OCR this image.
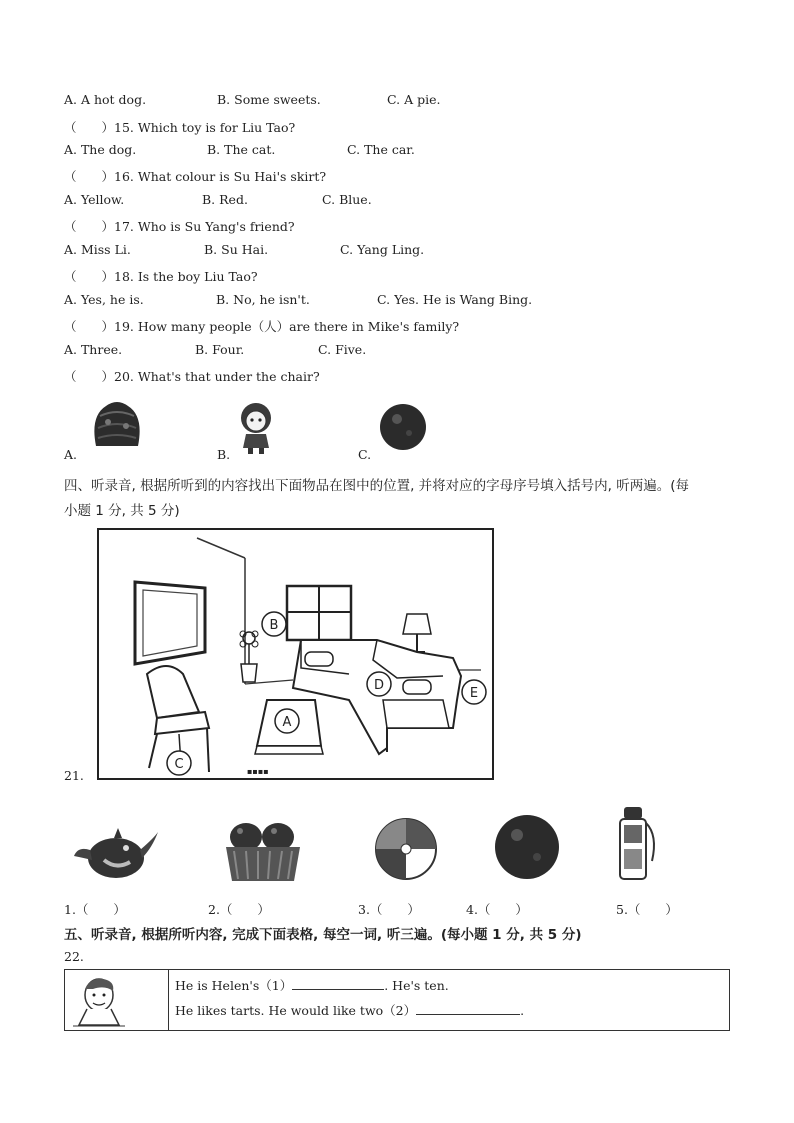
A. A hot dog.	B. Some sweets.	C. A pie.
（　　）15. Which toy is for Liu Tao?
A. The dog.	B. The cat.	C. The car.
（　　）16. What colour is Su Hai's skirt?
A. Yellow.	B. Red.	C. Blue.
（　　）17. Who is Su Yang's friend?
A. Miss Li.	B. Su Hai.	C. Yang Ling.
（　　）18. Is the boy Liu Tao?
A. Yes, he is.	B. No, he isn't.	C. Yes. He is Wang Bing.
（　　）19. How many people（人）are there in Mike's family?
A. Three.	B. Four.	C. Five.
（　　）20. What's that under the chair?
A.	B.	C.
四、听录音, 根据所听到的内容找出下面物品在图中的位置, 并将对应的字母序号填入括号内, 听两遍。(每
小题 1 分, 共 5 分)
▪▪▪▪
A
B
C
D
E
21.
1.（　　）	2.（　　）	3.（　　）	4.（　　）	5.（　　）
五、听录音, 根据所听内容, 完成下面表格, 每空一词, 听三遍。(每小题 1 分, 共 5 分)
22.
He is Helen's（1）	. He's ten.
He likes tarts. He would like two（2）	.
